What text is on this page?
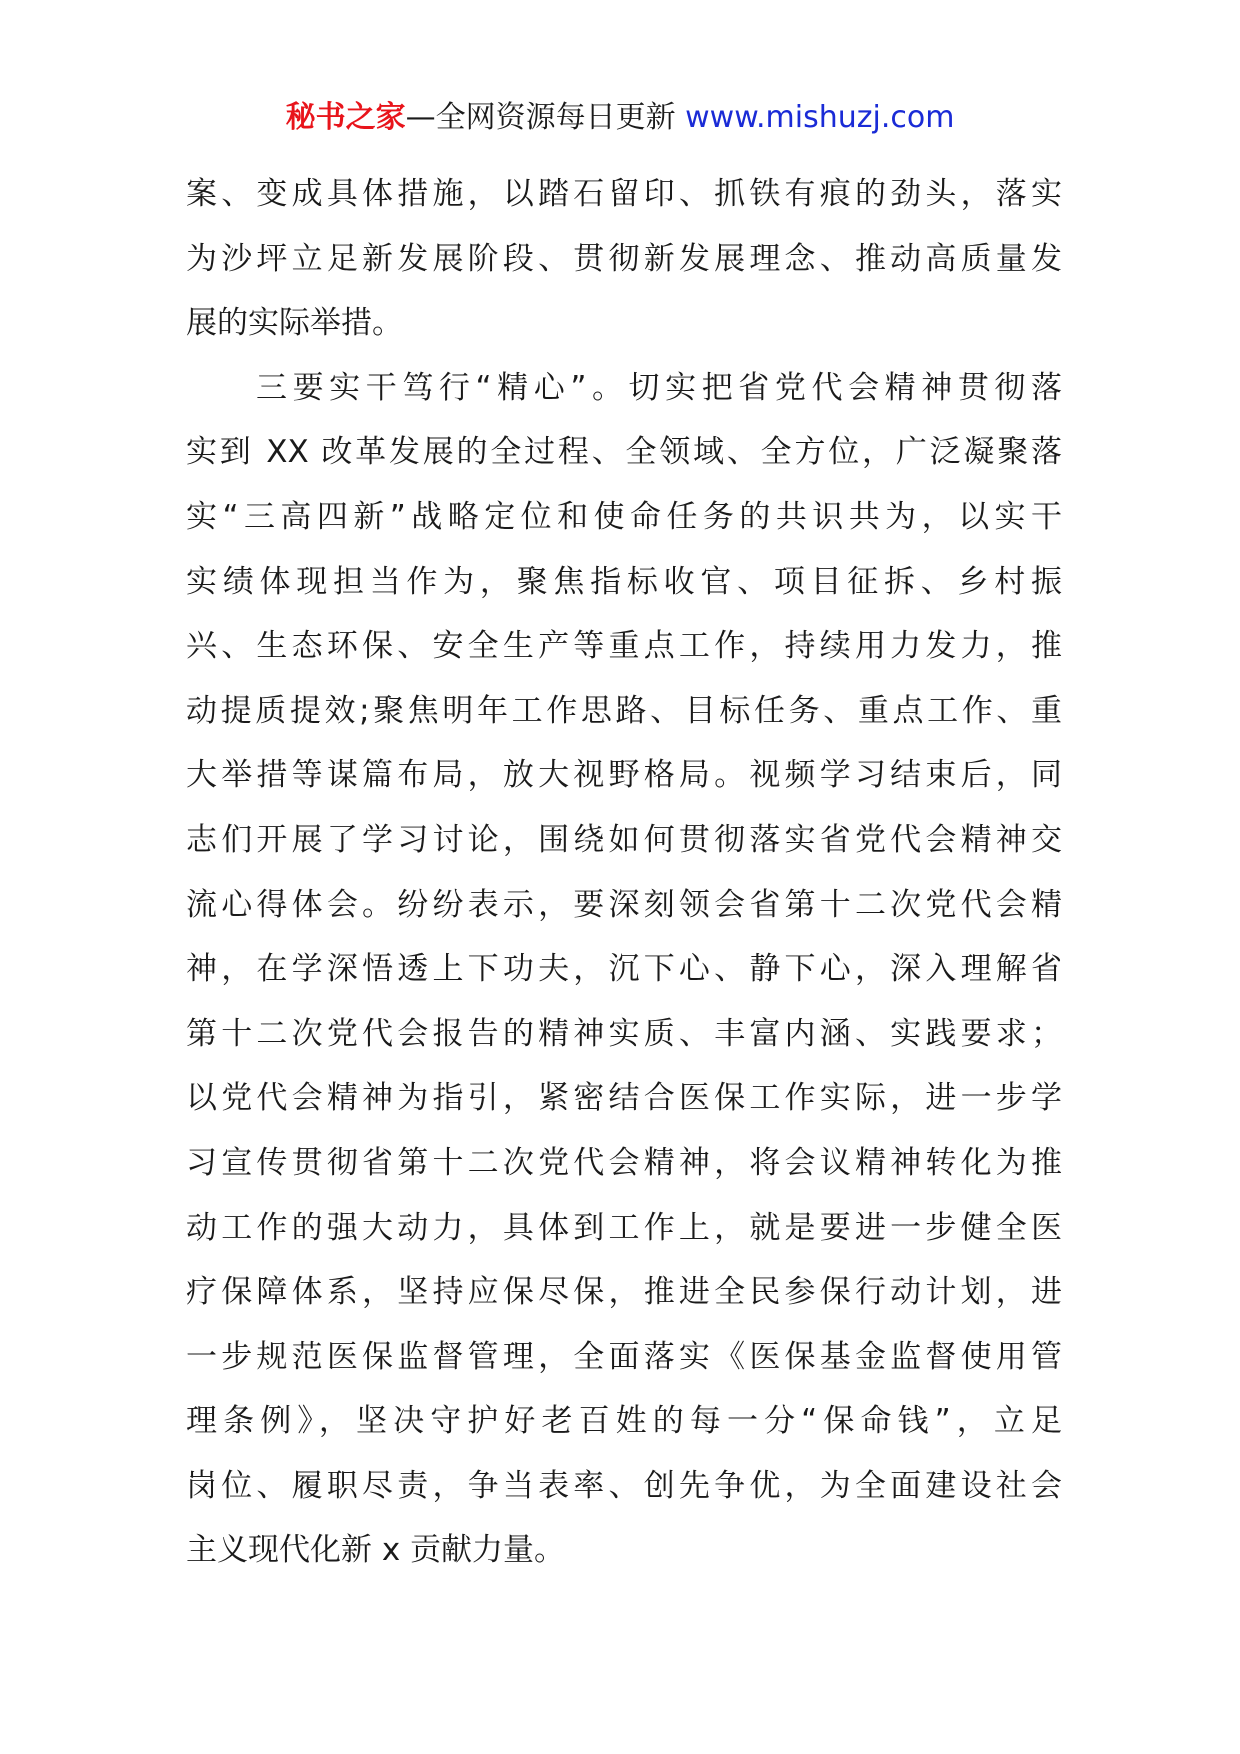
秘书之家—全网资源每日更新 www.mishuzj.com
案、变成具体措施，以踏石留印、抓铁有痕的劲头，落实
为沙坪立足新发展阶段、贯彻新发展理念、推动高质量发
展的实际举措。
三要实干笃行“精心”。切实把省党代会精神贯彻落
实到 XX 改革发展的全过程、全领域、全方位，广泛凝聚落
实“三高四新”战略定位和使命任务的共识共为，以实干
实绩体现担当作为，聚焦指标收官、项目征拆、乡村振
兴、生态环保、安全生产等重点工作，持续用力发力，推
动提质提效;聚焦明年工作思路、目标任务、重点工作、重
大举措等谋篇布局，放大视野格局。视频学习结束后，同
志们开展了学习讨论，围绕如何贯彻落实省党代会精神交
流心得体会。纷纷表示，要深刻领会省第十二次党代会精
神，在学深悟透上下功夫，沉下心、静下心，深入理解省
第十二次党代会报告的精神实质、丰富内涵、实践要求；
以党代会精神为指引，紧密结合医保工作实际，进一步学
习宣传贯彻省第十二次党代会精神，将会议精神转化为推
动工作的强大动力，具体到工作上，就是要进一步健全医
疗保障体系，坚持应保尽保，推进全民参保行动计划，进
一步规范医保监督管理，全面落实《医保基金监督使用管
理条例》，坚决守护好老百姓的每一分“保命钱”，立足
岗位、履职尽责，争当表率、创先争优，为全面建设社会
主义现代化新 x 贡献力量。
